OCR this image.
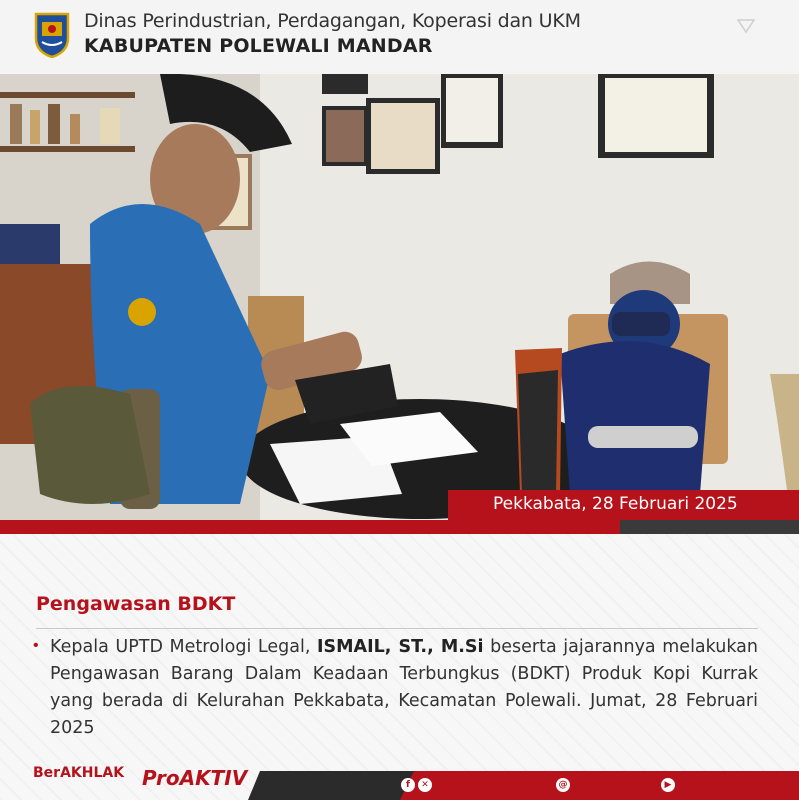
Dinas Perindustrian, Perdagangan, Koperasi dan UKM
KABUPATEN POLEWALI MANDAR
Pekkabata, 28 Februari 2025
Pengawasan BDKT
• Kepala UPTD Metrologi Legal, ISMAIL, ST., M.Si beserta jajarannya melakukan Pengawasan Barang Dalam Keadaan Terbungkus (BDKT) Produk Kopi Kurrak yang berada di Kelurahan Pekkabata, Kecamatan Polewali. Jumat, 28 Februari 2025
BerAKHLAK ProAKTIV	f	✕	@	▶
